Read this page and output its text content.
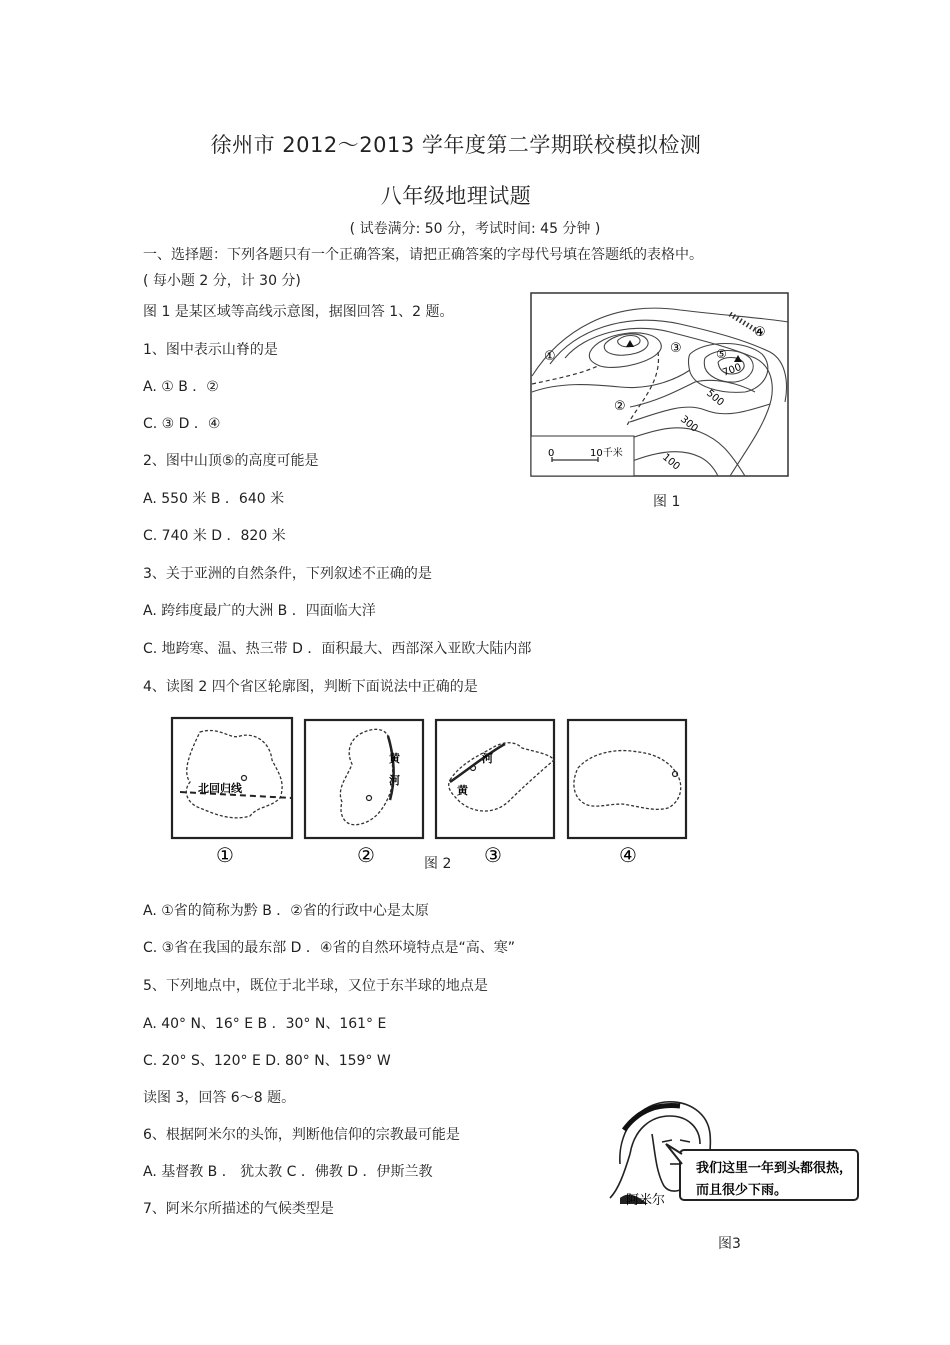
徐州市 2012～2013 学年度第二学期联校模拟检测
八年级地理试题
( 试卷满分: 50 分，考试时间: 45 分钟 )
一、选择题：下列各题只有一个正确答案，请把正确答案的字母代号填在答题纸的表格中。
( 每小题 2 分，计 30 分)
图 1 是某区域等高线示意图，据图回答 1、2 题。
1、图中表示山脊的是
A. ① B ．②
C. ③ D ．④
2、图中山顶⑤的高度可能是
A. 550 米 B ．640 米
C. 740 米 D ．820 米
3、关于亚洲的自然条件，下列叙述不正确的是
A. 跨纬度最广的大洲 B ．四面临大洋
C. 地跨寒、温、热三带 D ．面积最大、西部深入亚欧大陆内部
4、读图 2 四个省区轮廓图，判断下面说法中正确的是
A. ①省的简称为黔 B ．②省的行政中心是太原
C. ③省在我国的最东部 D ．④省的自然环境特点是“高、寒”
5、下列地点中，既位于北半球，又位于东半球的地点是
A. 40° N、16° E B ．30° N、161° E
C. 20° S、120° E D. 80° N、159° W
读图 3，回答 6～8 题。
6、根据阿米尔的头饰，判断他信仰的宗教最可能是
A. 基督教 B ． 犹太教 C ．佛教 D ．伊斯兰教
7、阿米尔所描述的气候类型是
①
②
③
④
⑤
700
500
300
100
0	10千米
图 1
北回归线
黄
河
河
黄
①	②	③	④
图 2
我们这里一年到头都很热，
而且很少下雨。
阿米尔
图3
